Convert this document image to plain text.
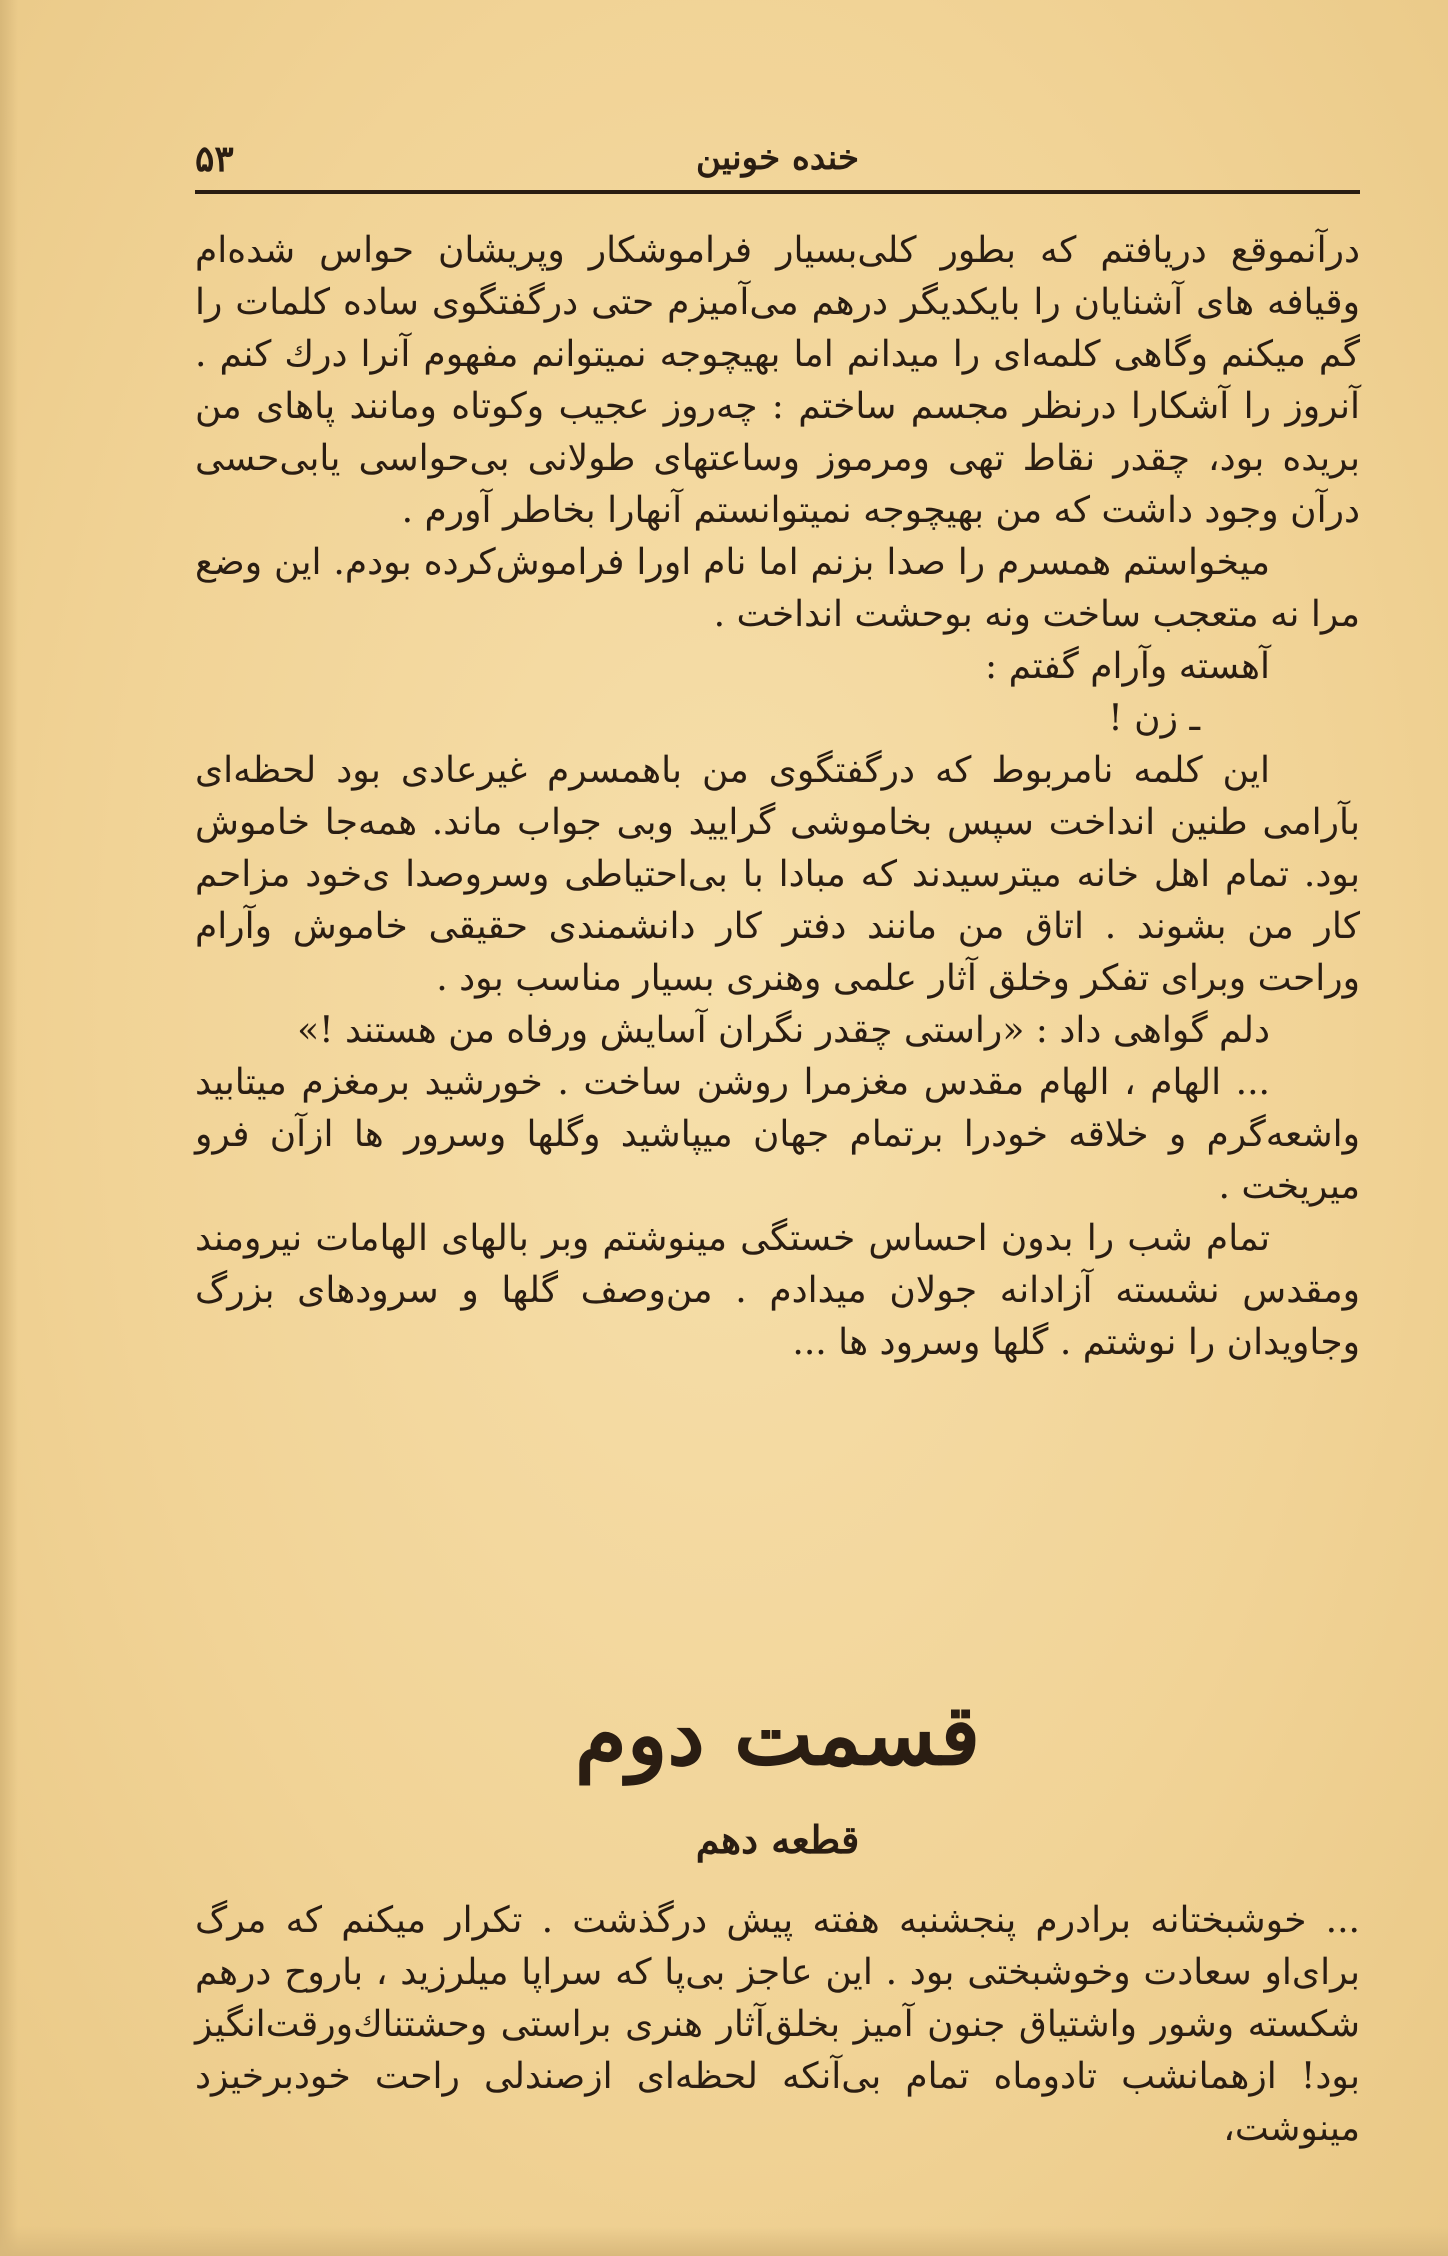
۵۳	خنده خونین

درآنموقع دریافتم که بطور کلی‌بسیار فراموشکار وپریشان حواس شده‌ام وقیافه های آشنایان را بایکدیگر درهم می‌آمیزم حتی درگفتگوی ساده کلمات را گم میکنم وگاهی کلمه‌ای را میدانم اما بهیچوجه نمیتوانم مفهوم آنرا درك كنم . آنروز را آشکارا درنظر مجسم ساختم : چه‌روز عجیب وکوتاه ومانند پاهای من بریده بود، چقدر نقاط تهی ومرموز وساعتهای طولانی بی‌حواسی یابی‌حسی درآن وجود داشت که من بهیچوجه نمیتوانستم آنهارا بخاطر آورم .

میخواستم همسرم را صدا بزنم اما نام اورا فراموش‌کرده بودم. این وضع مرا نه متعجب ساخت ونه بوحشت انداخت .

آهسته وآرام گفتم :

ـ زن !

این کلمه نامربوط که درگفتگوی من باهمسرم غیرعادی بود لحظه‌ای بآرامی طنین انداخت سپس بخاموشی گرایید وبی جواب ماند. همه‌جا خاموش بود. تمام اهل خانه میترسیدند که مبادا با بی‌احتیاطی وسروصدا ی‌خود مزاحم کار من بشوند . اتاق من مانند دفتر کار دانشمندی حقیقی خاموش وآرام وراحت وبرای تفکر وخلق آثار علمی وهنری بسیار مناسب بود .

دلم گواهی داد : «راستی چقدر نگران آسایش ورفاه من هستند !»

... الهام ، الهام مقدس مغزمرا روشن ساخت . خورشید برمغزم میتابید واشعه‌گرم و خلاقه خودرا برتمام جهان میپاشید وگلها وسرور ها ازآن فرو میریخت .

تمام شب را بدون احساس خستگی مینوشتم وبر بالهای الهامات نیرومند ومقدس نشسته آزادانه جولان میدادم . من‌وصف گلها و سرودهای بزرگ وجاویدان را نوشتم . گلها وسرود ها ...

قسمت دوم
قطعه دهم

... خوشبختانه برادرم پنجشنبه هفته پیش درگذشت . تکرار میکنم که مرگ برای‌او سعادت وخوشبختی بود . این عاجز بی‌پا که سراپا میلرزید ، باروح درهم شکسته وشور واشتیاق جنون آمیز بخلق‌آثار هنری براستی وحشتناك‌ورقت‌انگیز بود! ازهمانشب تادوماه تمام بی‌آنکه لحظه‌ای ازصندلی راحت خودبرخیزد مینوشت،
